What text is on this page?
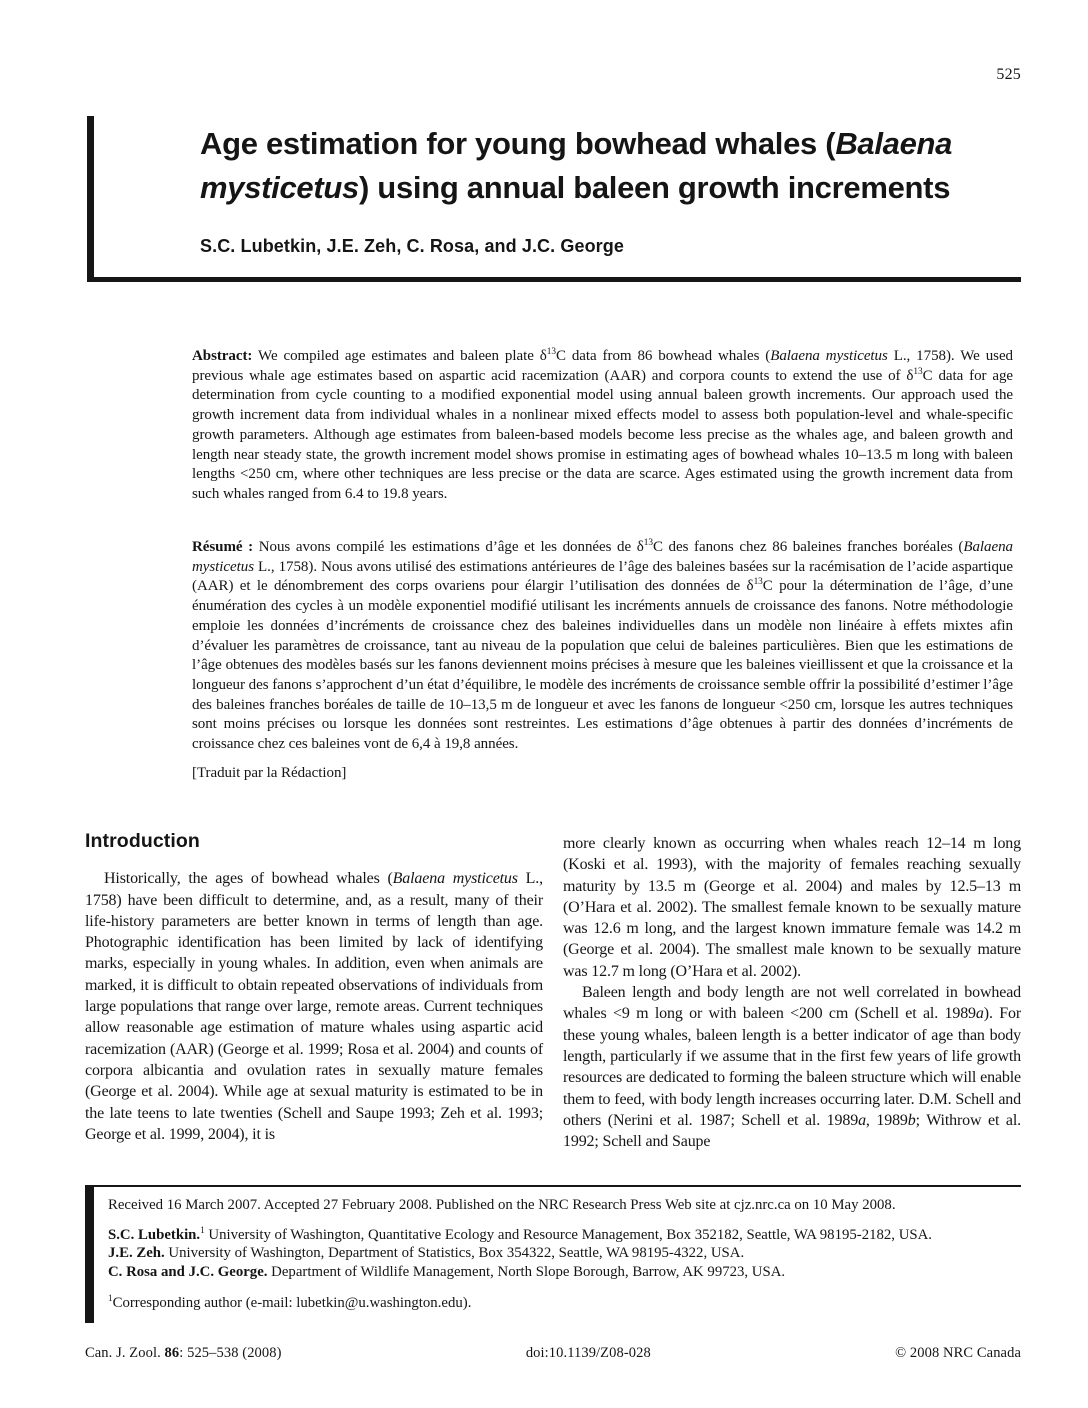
525
Age estimation for young bowhead whales (Balaena mysticetus) using annual baleen growth increments
S.C. Lubetkin, J.E. Zeh, C. Rosa, and J.C. George

Abstract: We compiled age estimates and baleen plate $\delta^{13}C$ data from 86 bowhead whales (Balaena mysticetus L., 1758). We used previous whale age estimates based on aspartic acid racemization (AAR) and corpora counts to extend the use of $\delta^{13}C$ data for age determination from cycle counting to a modified exponential model using annual baleen growth increments. Our approach used the growth increment data from individual whales in a nonlinear mixed effects model to assess both population-level and whale-specific growth parameters. Although age estimates from baleen-based models become less precise as the whales age, and baleen growth and length near steady state, the growth increment model shows promise in estimating ages of bowhead whales 10–13.5 m long with baleen lengths <250 cm, where other techniques are less precise or the data are scarce. Ages estimated using the growth increment data from such whales ranged from 6.4 to 19.8 years.

Résumé : Nous avons compilé les estimations d’âge et les données de $\delta^{13}C$ des fanons chez 86 baleines franches boréales (Balaena mysticetus L., 1758). Nous avons utilisé des estimations antérieures de l’âge des baleines basées sur la racémisation de l’acide aspartique (AAR) et le dénombrement des corps ovariens pour élargir l’utilisation des données de $\delta^{13}C$ pour la détermination de l’âge, d’une énumération des cycles à un modèle exponentiel modifié utilisant les incréments annuels de croissance des fanons. Notre méthodologie emploie les données d’incréments de croissance chez des baleines individuelles dans un modèle non linéaire à effets mixtes afin d’évaluer les paramètres de croissance, tant au niveau de la population que celui de baleines particulières. Bien que les estimations de l’âge obtenues des modèles basés sur les fanons deviennent moins précises à mesure que les baleines vieillissent et que la croissance et la longueur des fanons s’approchent d’un état d’équilibre, le modèle des incréments de croissance semble offrir la possibilité d’estimer l’âge des baleines franches boréales de taille de 10–13,5 m de longueur et avec les fanons de longueur <250 cm, lorsque les autres techniques sont moins précises ou lorsque les données sont restreintes. Les estimations d’âge obtenues à partir des données d’incréments de croissance chez ces baleines vont de 6,4 à 19,8 années.

[Traduit par la Rédaction]

Introduction

Historically, the ages of bowhead whales (Balaena mysticetus L., 1758) have been difficult to determine, and, as a result, many of their life-history parameters are better known in terms of length than age. Photographic identification has been limited by lack of identifying marks, especially in young whales. In addition, even when animals are marked, it is difficult to obtain repeated observations of individuals from large populations that range over large, remote areas. Current techniques allow reasonable age estimation of mature whales using aspartic acid racemization (AAR) (George et al. 1999; Rosa et al. 2004) and counts of corpora albicantia and ovulation rates in sexually mature females (George et al. 2004). While age at sexual maturity is estimated to be in the late teens to late twenties (Schell and Saupe 1993; Zeh et al. 1993; George et al. 1999, 2004), it is

more clearly known as occurring when whales reach 12–14 m long (Koski et al. 1993), with the majority of females reaching sexually maturity by 13.5 m (George et al. 2004) and males by 12.5–13 m (O’Hara et al. 2002). The smallest female known to be sexually mature was 12.6 m long, and the largest known immature female was 14.2 m (George et al. 2004). The smallest male known to be sexually mature was 12.7 m long (O’Hara et al. 2002).

Baleen length and body length are not well correlated in bowhead whales <9 m long or with baleen <200 cm (Schell et al. 1989a). For these young whales, baleen length is a better indicator of age than body length, particularly if we assume that in the first few years of life growth resources are dedicated to forming the baleen structure which will enable them to feed, with body length increases occurring later. D.M. Schell and others (Nerini et al. 1987; Schell et al. 1989a, 1989b; Withrow et al. 1992; Schell and Saupe

Received 16 March 2007. Accepted 27 February 2008. Published on the NRC Research Press Web site at cjz.nrc.ca on 10 May 2008.

S.C. Lubetkin.$^1$ University of Washington, Quantitative Ecology and Resource Management, Box 352182, Seattle, WA 98195-2182, USA.

J.E. Zeh. University of Washington, Department of Statistics, Box 354322, Seattle, WA 98195-4322, USA.

C. Rosa and J.C. George. Department of Wildlife Management, North Slope Borough, Barrow, AK 99723, USA.

$^1$Corresponding author (e-mail: lubetkin@u.washington.edu).

Can. J. Zool. 86: 525–538 (2008)	doi:10.1139/Z08-028	© 2008 NRC Canada
